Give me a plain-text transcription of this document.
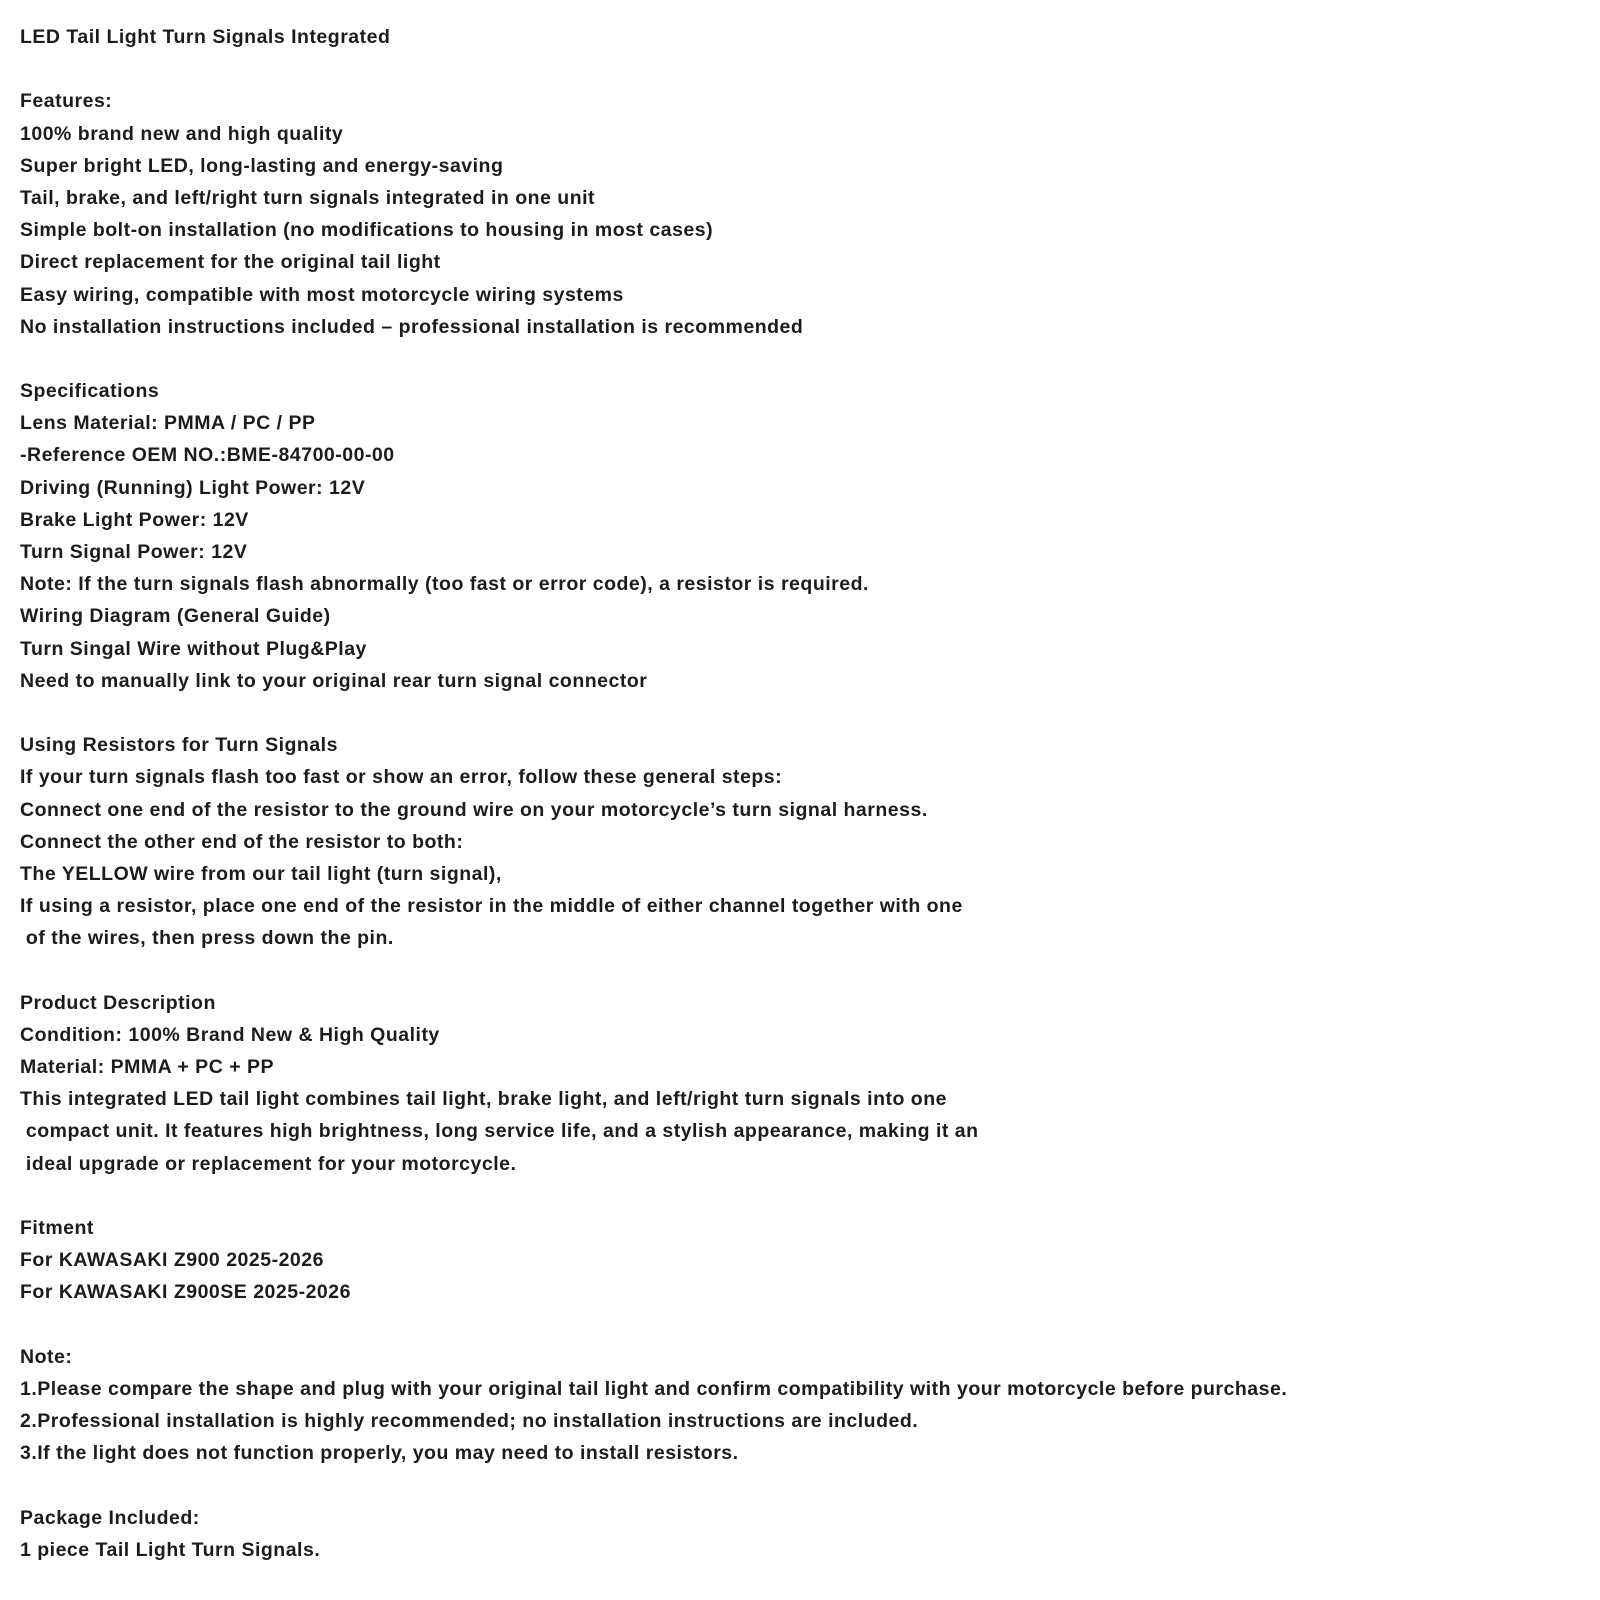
LED Tail Light Turn Signals Integrated
Features:
100% brand new and high quality
Super bright LED, long-lasting and energy-saving
Tail, brake, and left/right turn signals integrated in one unit
Simple bolt-on installation (no modifications to housing in most cases)
Direct replacement for the original tail light
Easy wiring, compatible with most motorcycle wiring systems
No installation instructions included – professional installation is recommended
Specifications
Lens Material: PMMA / PC / PP
-Reference OEM NO.:BME-84700-00-00
Driving (Running) Light Power: 12V
Brake Light Power: 12V
Turn Signal Power: 12V
Note: If the turn signals flash abnormally (too fast or error code), a resistor is required.
Wiring Diagram (General Guide)
Turn Singal Wire without Plug&Play
Need to manually link to your original rear turn signal connector
Using Resistors for Turn Signals
If your turn signals flash too fast or show an error, follow these general steps:
Connect one end of the resistor to the ground wire on your motorcycle’s turn signal harness.
Connect the other end of the resistor to both:
The YELLOW wire from our tail light (turn signal),
If using a resistor, place one end of the resistor in the middle of either channel together with one
of the wires, then press down the pin.
Product Description
Condition: 100% Brand New & High Quality
Material: PMMA + PC + PP
This integrated LED tail light combines tail light, brake light, and left/right turn signals into one
compact unit. It features high brightness, long service life, and a stylish appearance, making it an
ideal upgrade or replacement for your motorcycle.
Fitment
For KAWASAKI Z900 2025-2026
For KAWASAKI Z900SE 2025-2026
Note:
1.Please compare the shape and plug with your original tail light and confirm compatibility with your motorcycle before purchase.
2.Professional installation is highly recommended; no installation instructions are included.
3.If the light does not function properly, you may need to install resistors.
Package Included:
1 piece Tail Light Turn Signals.
